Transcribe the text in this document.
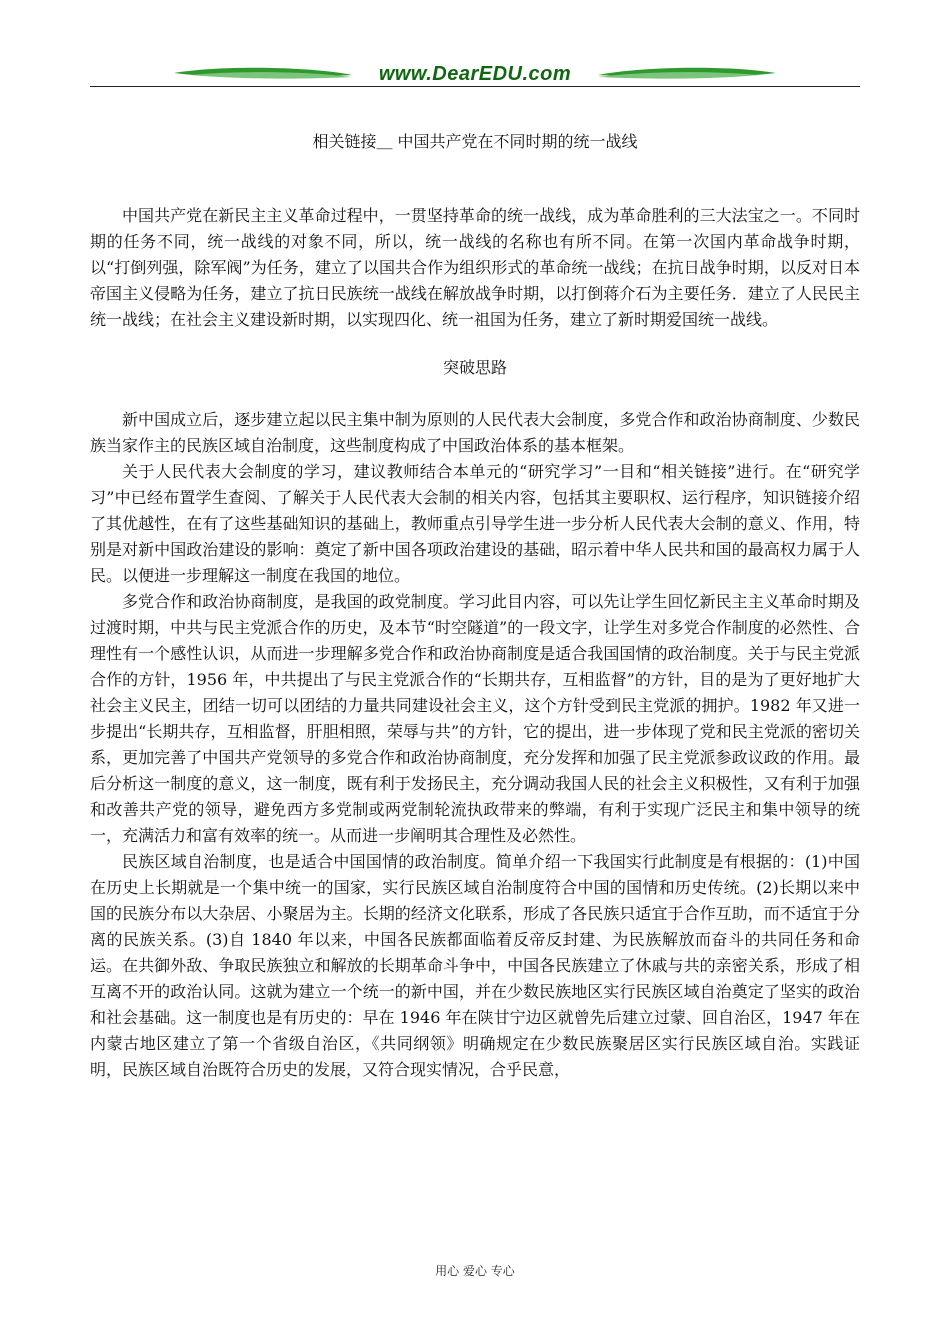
www.DearEDU.com
相关链接＿ 中国共产党在不同时期的统一战线

中国共产党在新民主主义革命过程中，一贯坚持革命的统一战线，成为革命胜利的三大法宝之一。不同时期的任务不同，统一战线的对象不同，所以，统一战线的名称也有所不同。在第一次国内革命战争时期，以“打倒列强，除军阀”为任务，建立了以国共合作为组织形式的革命统一战线；在抗日战争时期，以反对日本帝国主义侵略为任务，建立了抗日民族统一战线在解放战争时期，以打倒蒋介石为主要任务．建立了人民民主统一战线；在社会主义建设新时期，以实现四化、统一祖国为任务，建立了新时期爱国统一战线。

突破思路

新中国成立后，逐步建立起以民主集中制为原则的人民代表大会制度，多党合作和政治协商制度、少数民族当家作主的民族区域自治制度，这些制度构成了中国政治体系的基本框架。

关于人民代表大会制度的学习，建议教师结合本单元的“研究学习”一目和“相关链接”进行。在“研究学习”中已经布置学生查阅、了解关于人民代表大会制的相关内容，包括其主要职权、运行程序，知识链接介绍了其优越性，在有了这些基础知识的基础上，教师重点引导学生进一步分析人民代表大会制的意义、作用，特别是对新中国政治建设的影响：奠定了新中国各项政治建设的基础，昭示着中华人民共和国的最高权力属于人民。以便进一步理解这一制度在我国的地位。

多党合作和政治协商制度，是我国的政党制度。学习此目内容，可以先让学生回忆新民主主义革命时期及过渡时期，中共与民主党派合作的历史，及本节“时空隧道”的一段文字，让学生对多党合作制度的必然性、合理性有一个感性认识，从而进一步理解多党合作和政治协商制度是适合我国国情的政治制度。关于与民主党派合作的方针，1956 年，中共提出了与民主党派合作的“长期共存，互相监督”的方针，目的是为了更好地扩大社会主义民主，团结一切可以团结的力量共同建设社会主义，这个方针受到民主党派的拥护。1982 年又进一步提出“长期共存，互相监督，肝胆相照，荣辱与共”的方针，它的提出，进一步体现了党和民主党派的密切关系，更加完善了中国共产党领导的多党合作和政治协商制度，充分发挥和加强了民主党派参政议政的作用。最后分析这一制度的意义，这一制度，既有利于发扬民主，充分调动我国人民的社会主义积极性，又有利于加强和改善共产党的领导，避免西方多党制或两党制轮流执政带来的弊端，有利于实现广泛民主和集中领导的统一，充满活力和富有效率的统一。从而进一步阐明其合理性及必然性。

民族区域自治制度，也是适合中国国情的政治制度。简单介绍一下我国实行此制度是有根据的：(1)中国在历史上长期就是一个集中统一的国家，实行民族区域自治制度符合中国的国情和历史传统。(2)长期以来中国的民族分布以大杂居、小聚居为主。长期的经济文化联系，形成了各民族只适宜于合作互助，而不适宜于分离的民族关系。(3)自 1840 年以来，中国各民族都面临着反帝反封建、为民族解放而奋斗的共同任务和命运。在共御外敌、争取民族独立和解放的长期革命斗争中，中国各民族建立了休戚与共的亲密关系，形成了相互离不开的政治认同。这就为建立一个统一的新中国，并在少数民族地区实行民族区域自治奠定了坚实的政治和社会基础。这一制度也是有历史的：早在 1946 年在陕甘宁边区就曾先后建立过蒙、回自治区，1947 年在内蒙古地区建立了第一个省级自治区，《共同纲领》明确规定在少数民族聚居区实行民族区域自治。实践证明，民族区域自治既符合历史的发展，又符合现实情况，合乎民意，

用心 爱心 专心
